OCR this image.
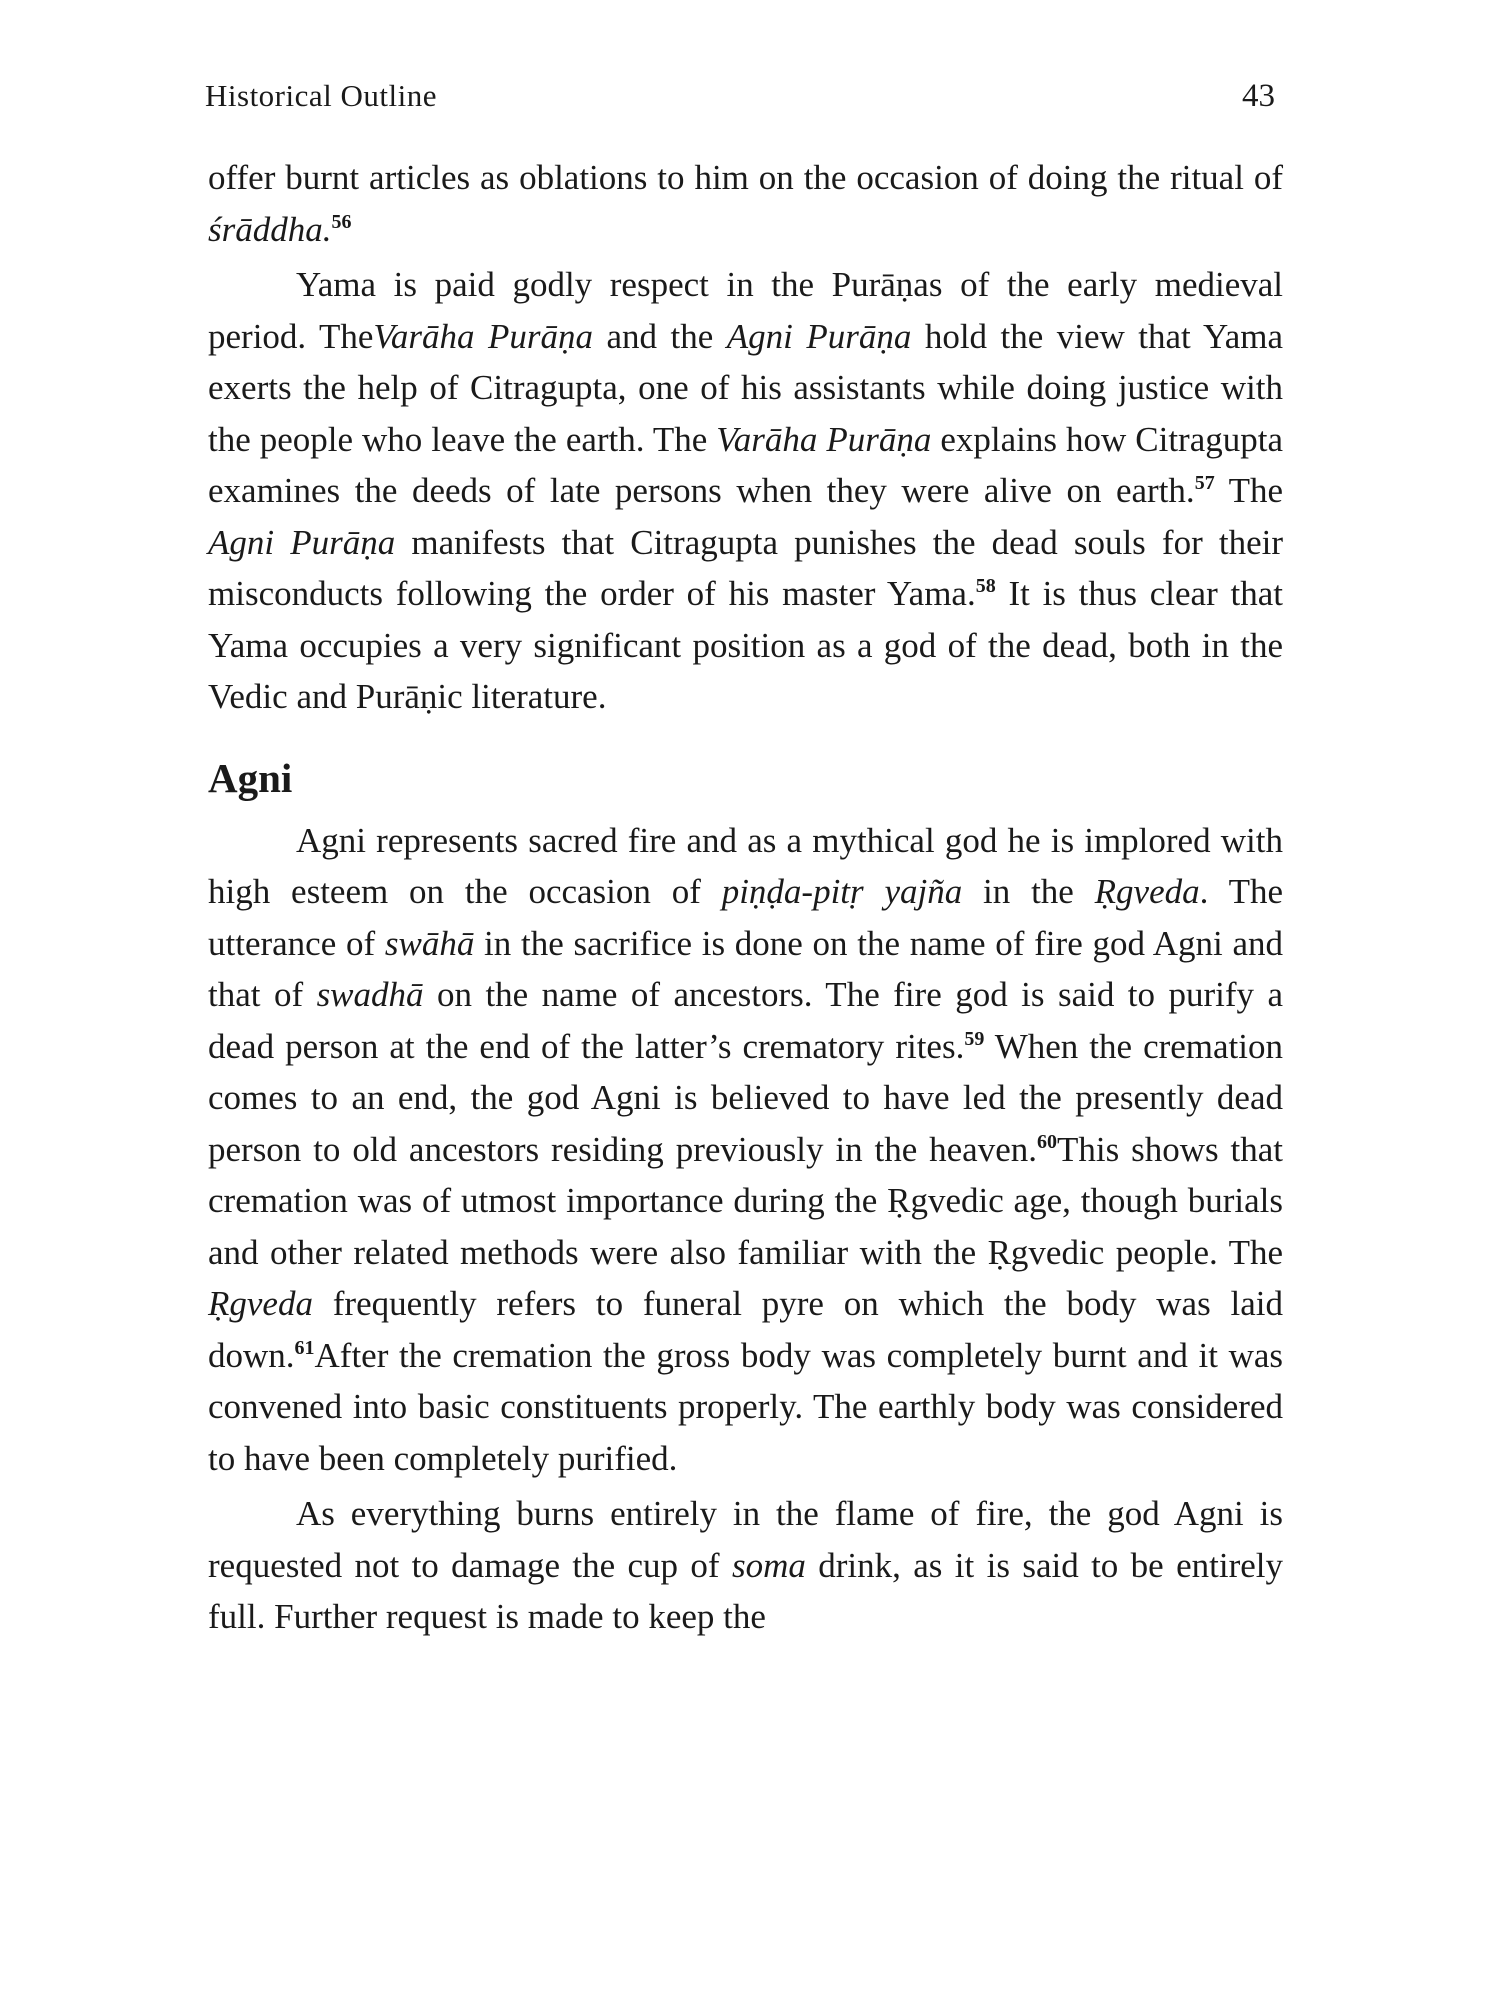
Historical Outline	43

offer burnt articles as oblations to him on the occasion of doing the ritual of śrāddha.$^{56}$

Yama is paid godly respect in the Purāṇas of the early medieval period. TheVarāha Purāṇa and the Agni Purāṇa hold the view that Yama exerts the help of Citragupta, one of his assistants while doing justice with the people who leave the earth. The Varāha Purāṇa explains how Citragupta examines the deeds of late persons when they were alive on earth.$^{57}$ The Agni Purāṇa manifests that Citragupta punishes the dead souls for their misconducts following the order of his master Yama.$^{58}$ It is thus clear that Yama occupies a very significant position as a god of the dead, both in the Vedic and Purāṇic literature.

Agni

Agni represents sacred fire and as a mythical god he is implored with high esteem on the occasion of piṇḍa-pitṛ yajña in the Ṛgveda. The utterance of swāhā in the sacrifice is done on the name of fire god Agni and that of swadhā on the name of ancestors. The fire god is said to purify a dead person at the end of the latter’s crematory rites.$^{59}$ When the cremation comes to an end, the god Agni is believed to have led the presently dead person to old ancestors residing previously in the heaven.$^{60}$This shows that cremation was of utmost importance during the Ṛgvedic age, though burials and other related methods were also familiar with the Ṛgvedic people. The Ṛgveda frequently refers to funeral pyre on which the body was laid down.$^{61}$After the cremation the gross body was completely burnt and it was convened into basic constituents properly. The earthly body was considered to have been completely purified.

As everything burns entirely in the flame of fire, the god Agni is requested not to damage the cup of soma drink, as it is said to be entirely full. Further request is made to keep the
